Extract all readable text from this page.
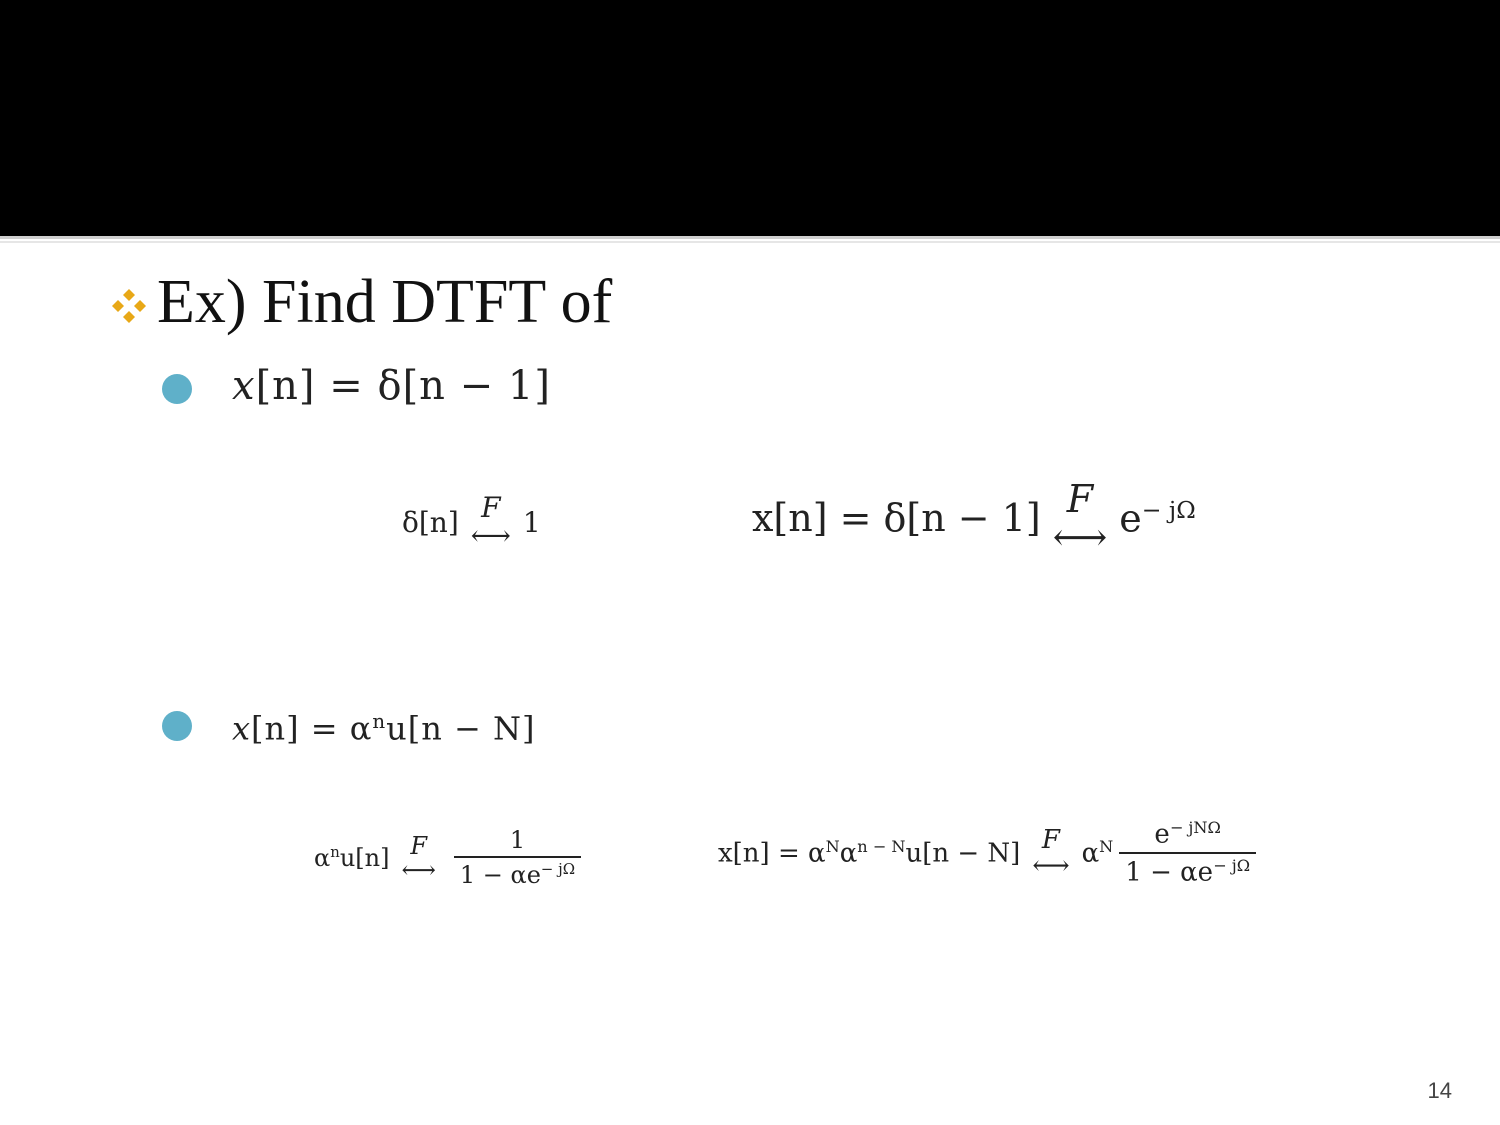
Ex) Find DTFT of
x[n] = δ[n − 1]
δ[n] F
⟷ 1	x[n] = δ[n − 1] F
⟷ $e^{- j\Omega}$
$x[n] = \alpha^nu[n - N]$
$\alpha^nu[n]$ F
⟷ $\frac{1}{1 - \alpha e^{- j\Omega}}$	$x[n] = \alpha^N\alpha^{n - N}u[n - N]$ F
⟷ $\alpha^N \frac{e^{- jN\Omega}}{1 - \alpha e^{- j\Omega}}$
14
